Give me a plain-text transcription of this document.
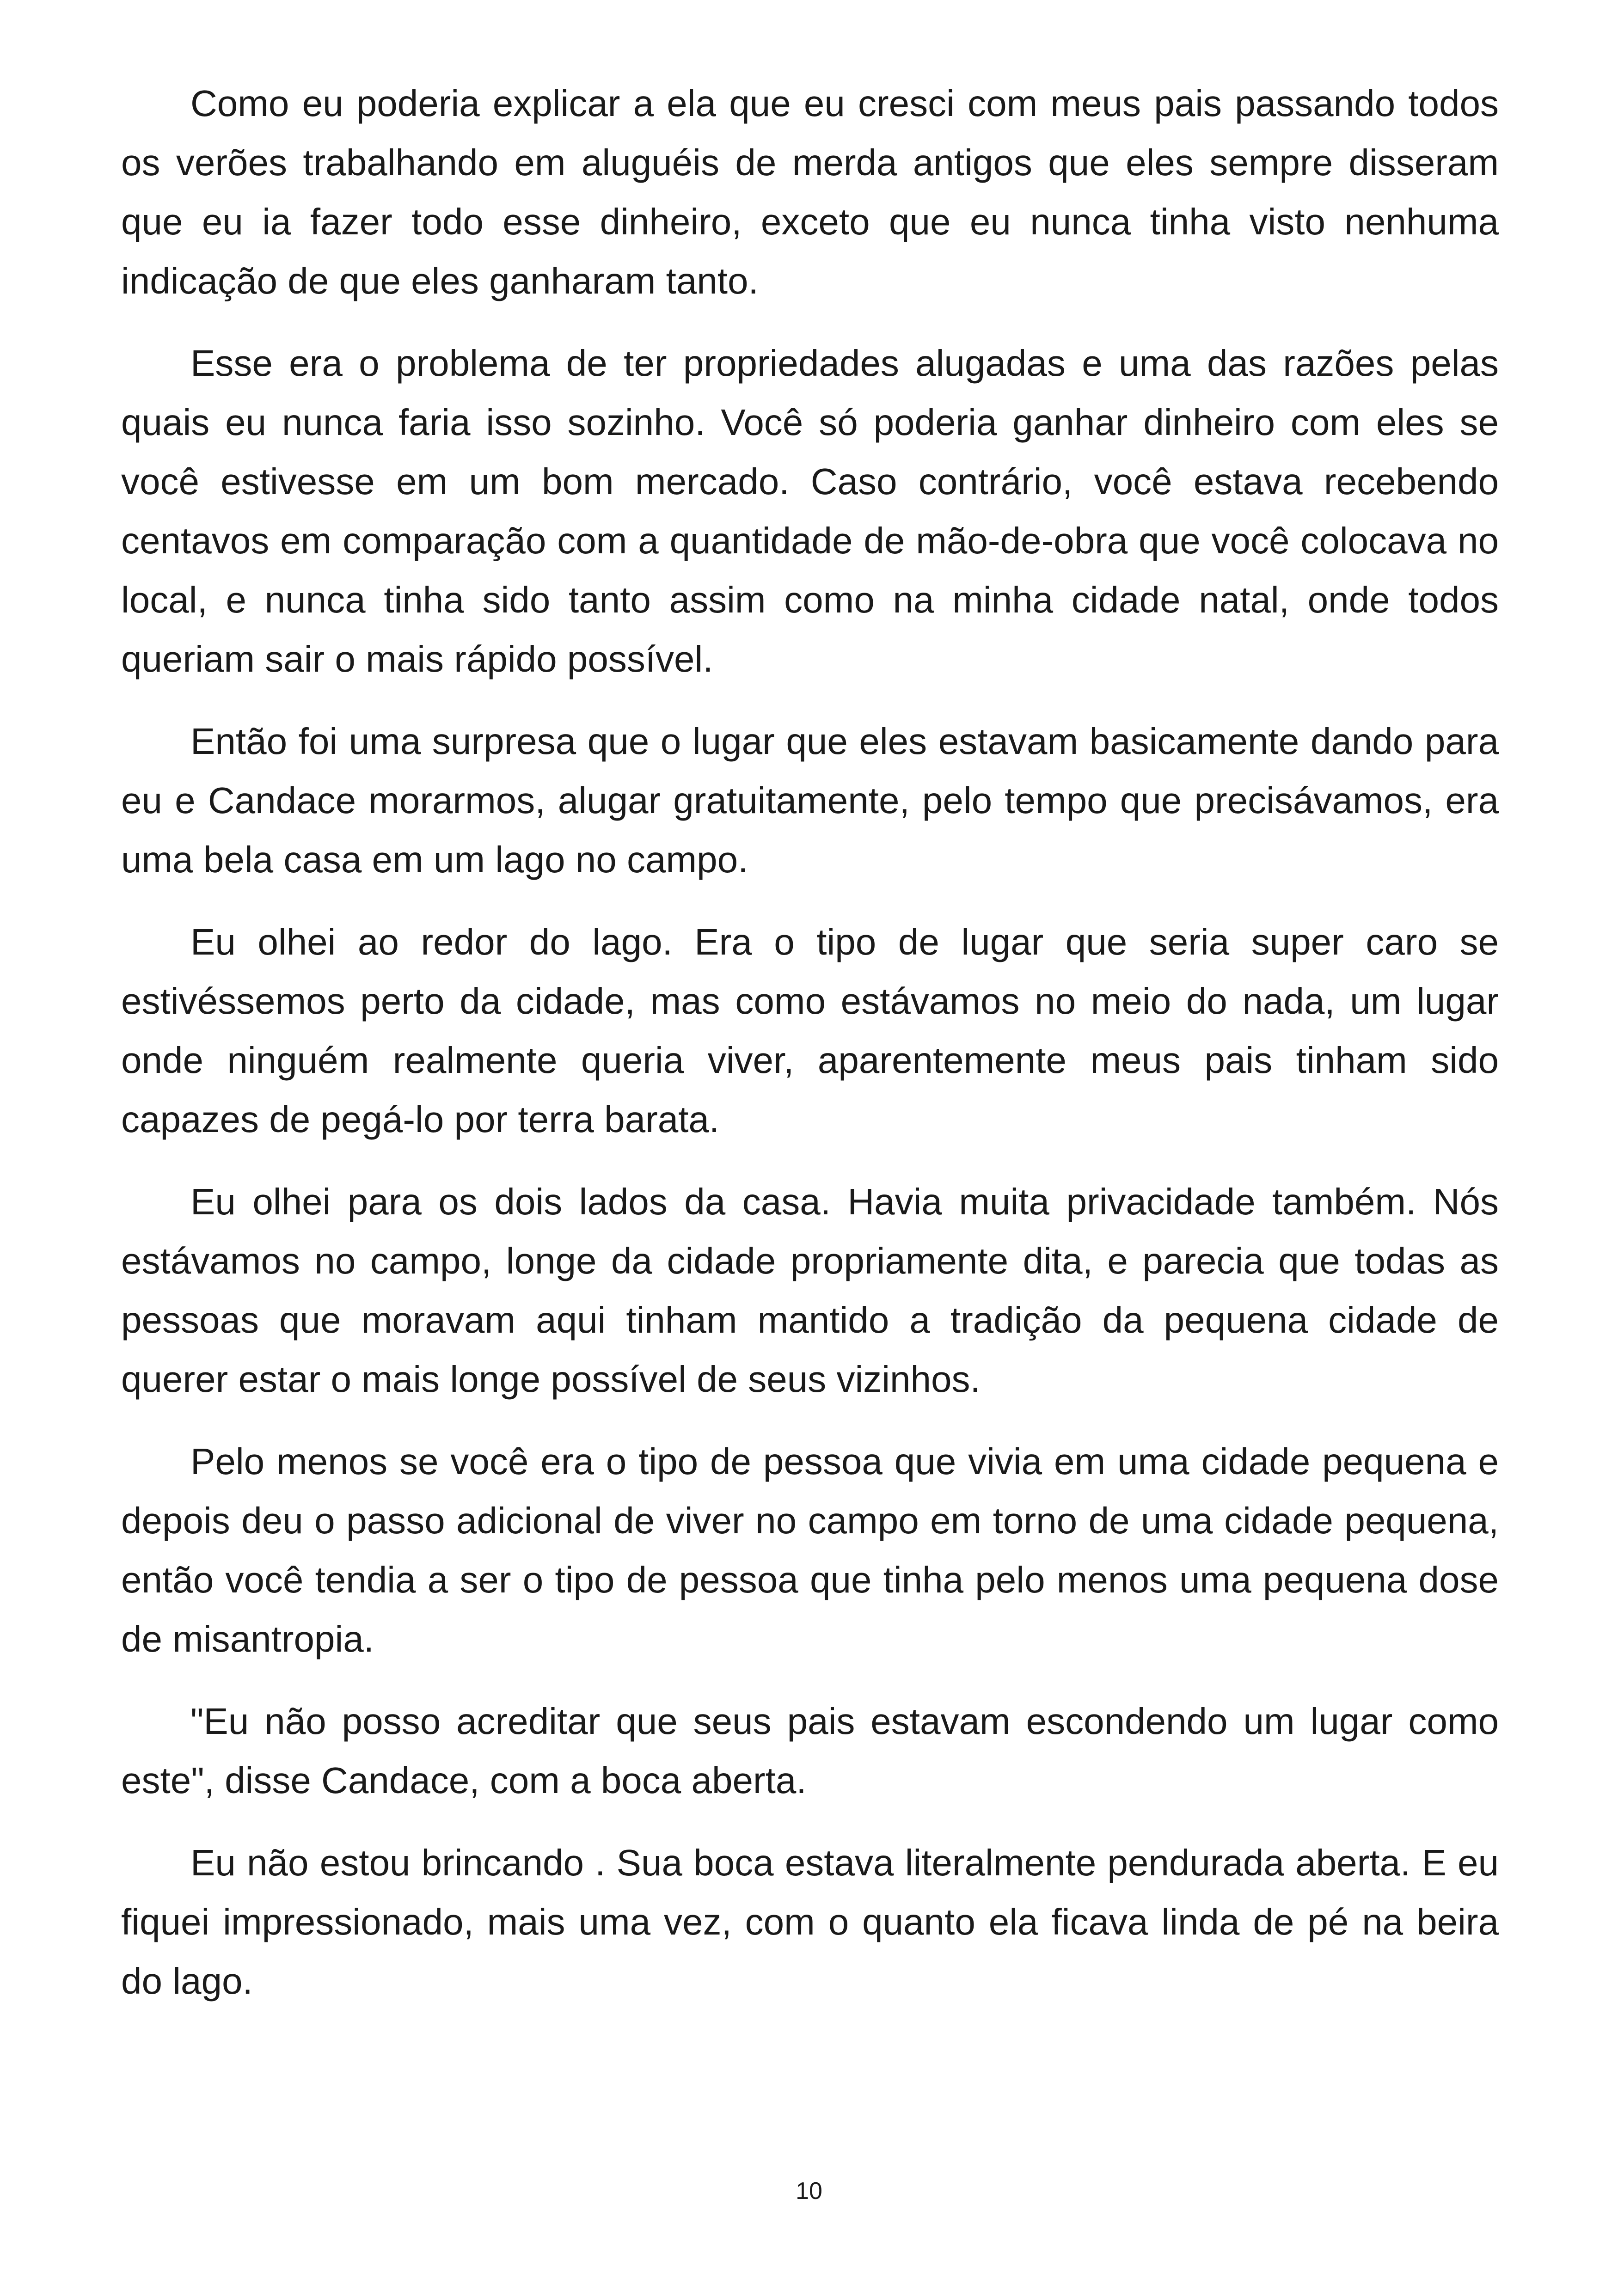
Como eu poderia explicar a ela que eu cresci com meus pais passando todos os verões trabalhando em aluguéis de merda antigos que eles sempre disseram que eu ia fazer todo esse dinheiro, exceto que eu nunca tinha visto nenhuma indicação de que eles ganharam tanto.

Esse era o problema de ter propriedades alugadas e uma das razões pelas quais eu nunca faria isso sozinho. Você só poderia ganhar dinheiro com eles se você estivesse em um bom mercado. Caso contrário, você estava recebendo centavos em comparação com a quantidade de mão-de-obra que você colocava no local, e nunca tinha sido tanto assim como na minha cidade natal, onde todos queriam sair o mais rápido possível.

Então foi uma surpresa que o lugar que eles estavam basicamente dando para eu e Candace morarmos, alugar gratuitamente, pelo tempo que precisávamos, era uma bela casa em um lago no campo.

Eu olhei ao redor do lago. Era o tipo de lugar que seria super caro se estivéssemos perto da cidade, mas como estávamos no meio do nada, um lugar onde ninguém realmente queria viver, aparentemente meus pais tinham sido capazes de pegá-lo por terra barata.

Eu olhei para os dois lados da casa. Havia muita privacidade também. Nós estávamos no campo, longe da cidade propriamente dita, e parecia que todas as pessoas que moravam aqui tinham mantido a tradição da pequena cidade de querer estar o mais longe possível de seus vizinhos.

Pelo menos se você era o tipo de pessoa que vivia em uma cidade pequena e depois deu o passo adicional de viver no campo em torno de uma cidade pequena, então você tendia a ser o tipo de pessoa que tinha pelo menos uma pequena dose de misantropia.

"Eu não posso acreditar que seus pais estavam escondendo um lugar como este", disse Candace, com a boca aberta.

Eu não estou brincando . Sua boca estava literalmente pendurada aberta. E eu fiquei impressionado, mais uma vez, com o quanto ela ficava linda de pé na beira do lago.

10
